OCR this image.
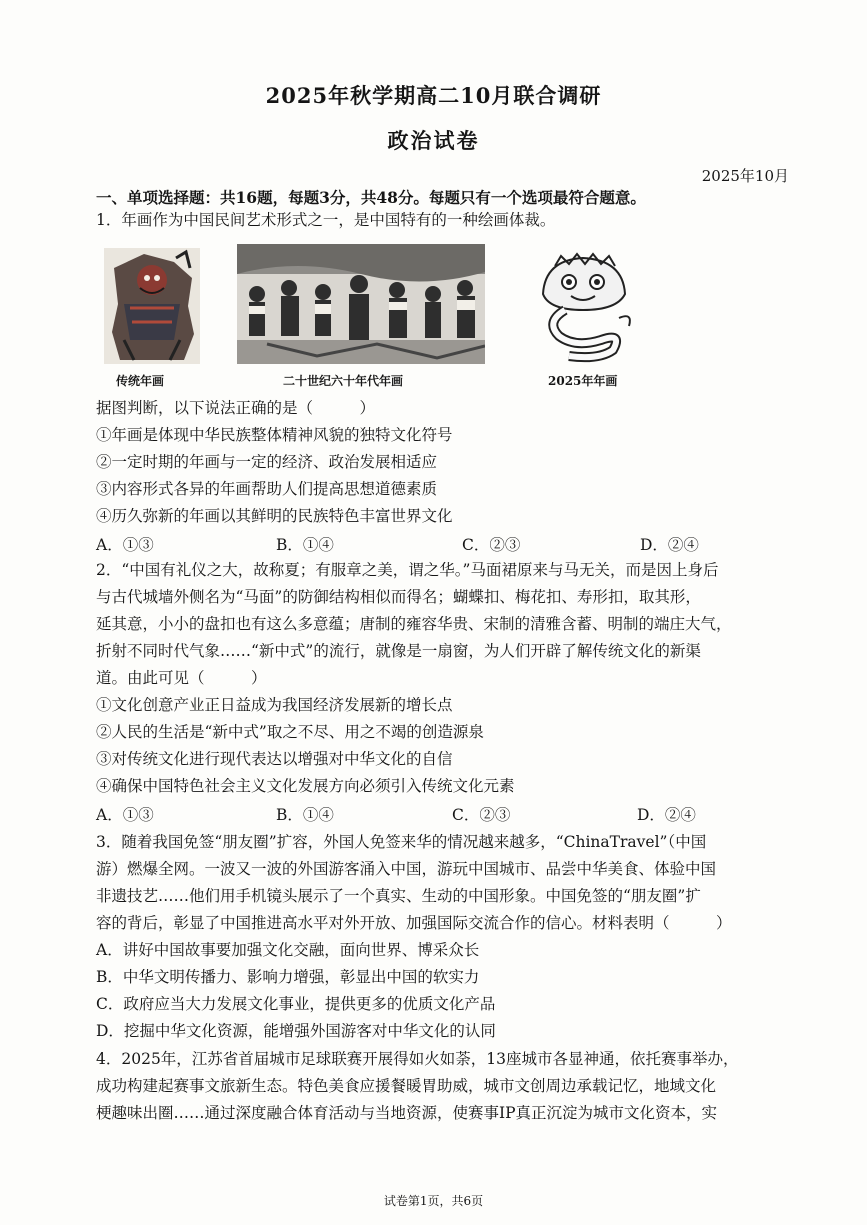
2025年秋学期高二10月联合调研
政治试卷
2025年10月
一、单项选择题：共16题，每题3分，共48分。每题只有一个选项最符合题意。
1．年画作为中国民间艺术形式之一，是中国特有的一种绘画体裁。
传统年画	二十世纪六十年代年画	2025年年画
据图判断，以下说法正确的是（　　　）
①年画是体现中华民族整体精神风貌的独特文化符号
②一定时期的年画与一定的经济、政治发展相适应
③内容形式各异的年画帮助人们提高思想道德素质
④历久弥新的年画以其鲜明的民族特色丰富世界文化
A．①③	B．①④	C．②③	D．②④
2．“中国有礼仪之大，故称夏；有服章之美，谓之华。”马面裙原来与马无关，而是因上身后
与古代城墙外侧名为“马面”的防御结构相似而得名；蝴蝶扣、梅花扣、寿形扣，取其形，
延其意，小小的盘扣也有这么多意蕴；唐制的雍容华贵、宋制的清雅含蓄、明制的端庄大气，
折射不同时代气象……“新中式”的流行，就像是一扇窗，为人们开辟了解传统文化的新渠
道。由此可见（　　　）
①文化创意产业正日益成为我国经济发展新的增长点
②人民的生活是“新中式”取之不尽、用之不竭的创造源泉
③对传统文化进行现代表达以增强对中华文化的自信
④确保中国特色社会主义文化发展方向必须引入传统文化元素
A．①③	B．①④	C．②③	D．②④
3．随着我国免签“朋友圈”扩容，外国人免签来华的情况越来越多，“ChinaTravel”（中国
游）燃爆全网。一波又一波的外国游客涌入中国，游玩中国城市、品尝中华美食、体验中国
非遗技艺……他们用手机镜头展示了一个真实、生动的中国形象。中国免签的“朋友圈”扩
容的背后，彰显了中国推进高水平对外开放、加强国际交流合作的信心。材料表明（　　　）
A．讲好中国故事要加强文化交融，面向世界、博采众长
B．中华文明传播力、影响力增强，彰显出中国的软实力
C．政府应当大力发展文化事业，提供更多的优质文化产品
D．挖掘中华文化资源，能增强外国游客对中华文化的认同
4．2025年，江苏省首届城市足球联赛开展得如火如荼，13座城市各显神通，依托赛事举办，
成功构建起赛事文旅新生态。特色美食应援餐暖胃助威，城市文创周边承载记忆，地域文化
梗趣味出圈……通过深度融合体育活动与当地资源，使赛事IP真正沉淀为城市文化资本，实
试卷第1页，共6页
